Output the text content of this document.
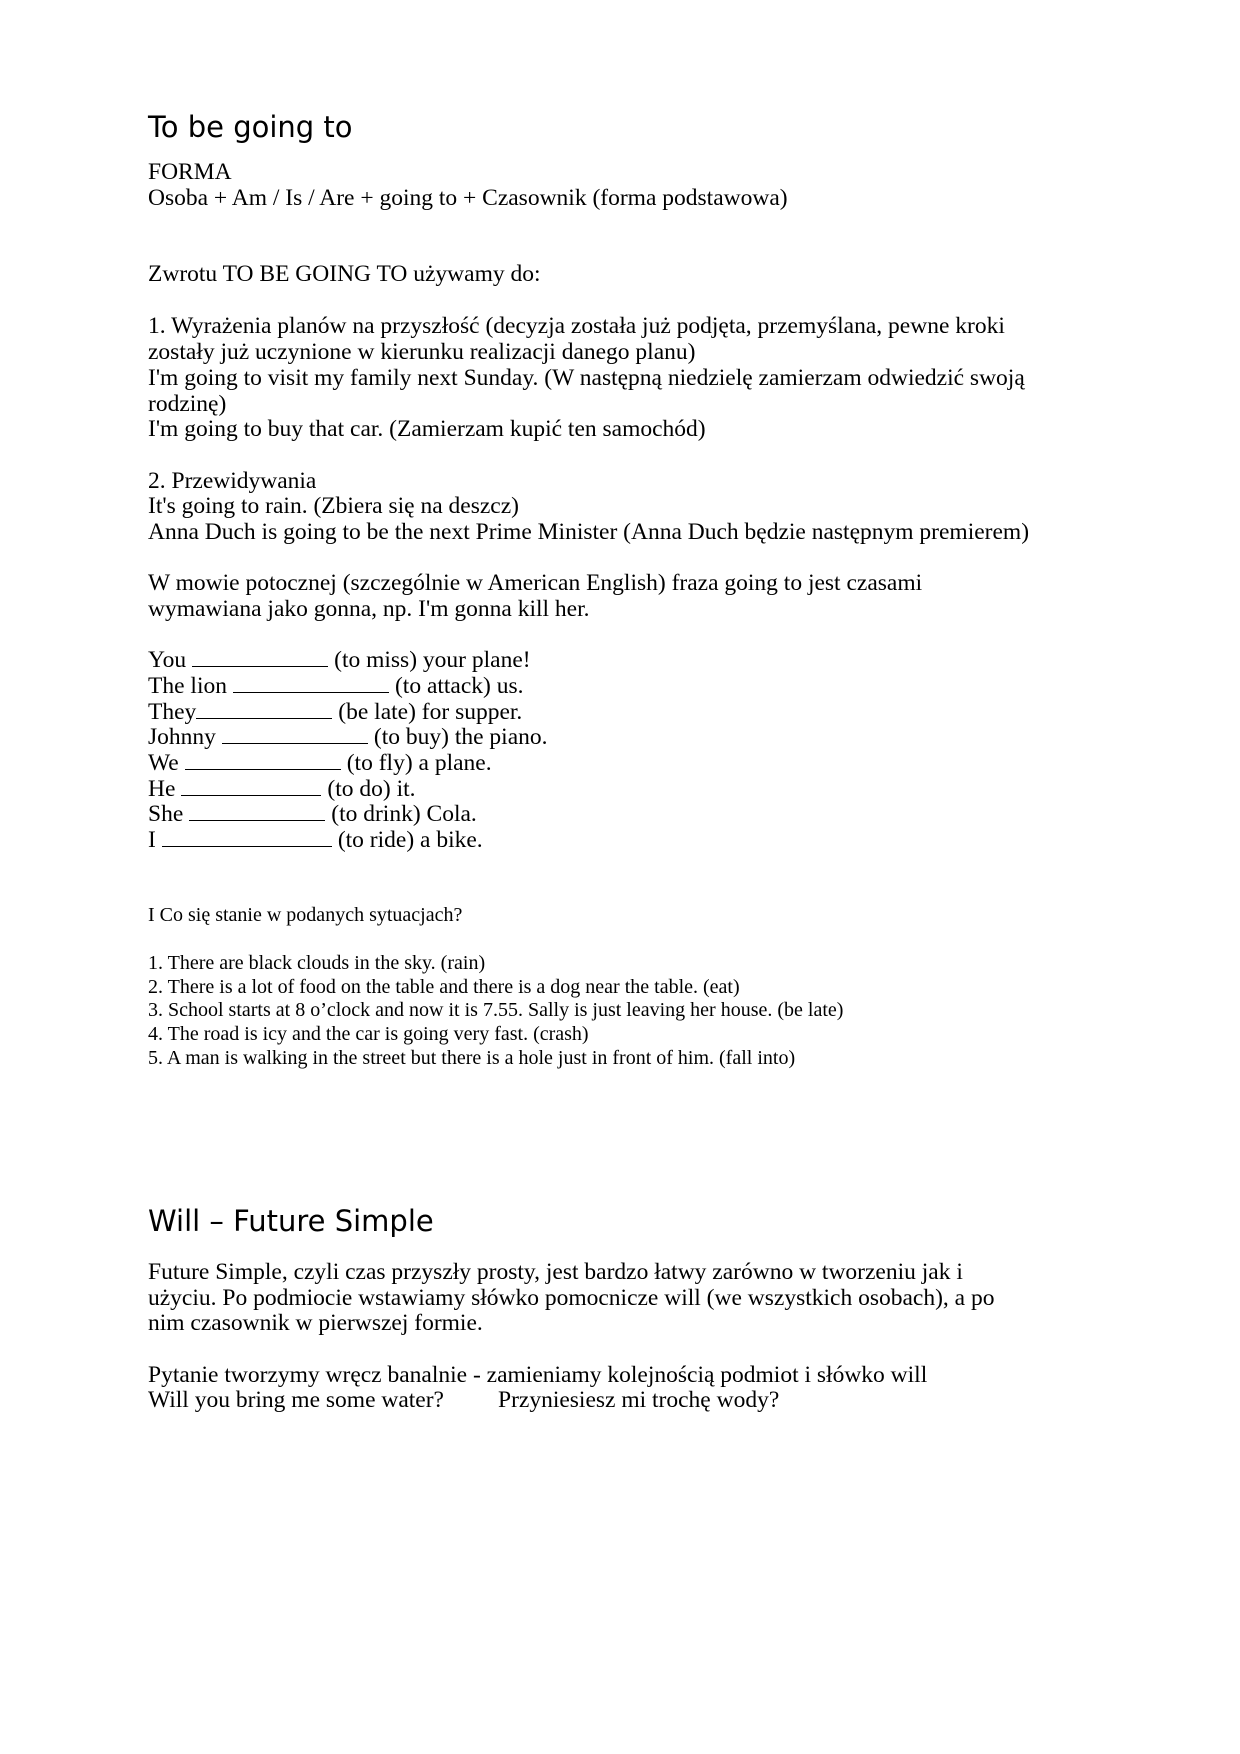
To be going to
FORMA
Osoba + Am / Is / Are + going to + Czasownik (forma podstawowa)
Zwrotu TO BE GOING TO używamy do:
1. Wyrażenia planów na przyszłość (decyzja została już podjęta, przemyślana, pewne kroki
zostały już uczynione w kierunku realizacji danego planu)
I'm going to visit my family next Sunday. (W następną niedzielę zamierzam odwiedzić swoją
rodzinę)
I'm going to buy that car. (Zamierzam kupić ten samochód)
2. Przewidywania
It's going to rain. (Zbiera się na deszcz)
Anna Duch is going to be the next Prime Minister (Anna Duch będzie następnym premierem)
W mowie potocznej (szczególnie w American English) fraza going to jest czasami
wymawiana jako gonna, np. I'm gonna kill her.
You	(to miss) your plane!
The lion	(to attack) us.
They	(be late) for supper.
Johnny	(to buy) the piano.
We	(to fly) a plane.
He	(to do) it.
She	(to drink) Cola.
I	(to ride) a bike.
I Co się stanie w podanych sytuacjach?
1. There are black clouds in the sky. (rain)
2. There is a lot of food on the table and there is a dog near the table. (eat)
3. School starts at 8 o’clock and now it is 7.55. Sally is just leaving her house. (be late)
4. The road is icy and the car is going very fast. (crash)
5. A man is walking in the street but there is a hole just in front of him. (fall into)
Will – Future Simple
Future Simple, czyli czas przyszły prosty, jest bardzo łatwy zarówno w tworzeniu jak i
użyciu. Po podmiocie wstawiamy słówko pomocnicze will (we wszystkich osobach), a po
nim czasownik w pierwszej formie.
Pytanie tworzymy wręcz banalnie - zamieniamy kolejnością podmiot i słówko will
Will you bring me some water? Przyniesiesz mi trochę wody?
